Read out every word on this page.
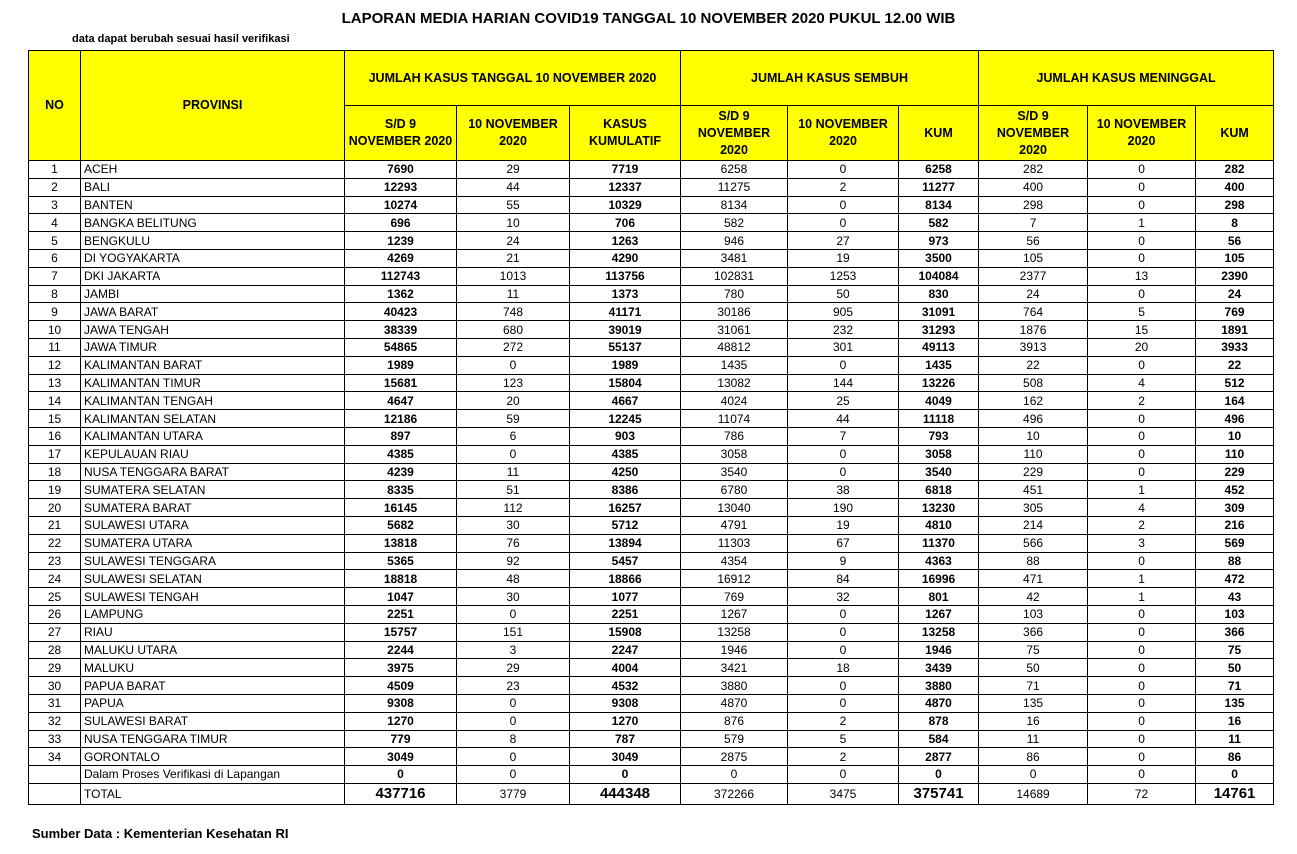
LAPORAN MEDIA HARIAN COVID19 TANGGAL 10 NOVEMBER 2020 PUKUL 12.00 WIB
data dapat berubah sesuai hasil verifikasi
NO	PROVINSI	JUMLAH KASUS TANGGAL 10 NOVEMBER 2020			JUMLAH KASUS SEMBUH			JUMLAH KASUS MENINGGAL		
		S/D 9 NOVEMBER 2020	10 NOVEMBER 2020	KASUS KUMULATIF	S/D 9 NOVEMBER 2020	10 NOVEMBER 2020	KUM	S/D 9 NOVEMBER 2020	10 NOVEMBER 2020	KUM
1	ACEH	7690	29	7719	6258	0	6258	282	0	282
2	BALI	12293	44	12337	11275	2	11277	400	0	400
3	BANTEN	10274	55	10329	8134	0	8134	298	0	298
4	BANGKA BELITUNG	696	10	706	582	0	582	7	1	8
5	BENGKULU	1239	24	1263	946	27	973	56	0	56
6	DI YOGYAKARTA	4269	21	4290	3481	19	3500	105	0	105
7	DKI JAKARTA	112743	1013	113756	102831	1253	104084	2377	13	2390
8	JAMBI	1362	11	1373	780	50	830	24	0	24
9	JAWA BARAT	40423	748	41171	30186	905	31091	764	5	769
10	JAWA TENGAH	38339	680	39019	31061	232	31293	1876	15	1891
11	JAWA TIMUR	54865	272	55137	48812	301	49113	3913	20	3933
12	KALIMANTAN BARAT	1989	0	1989	1435	0	1435	22	0	22
13	KALIMANTAN TIMUR	15681	123	15804	13082	144	13226	508	4	512
14	KALIMANTAN TENGAH	4647	20	4667	4024	25	4049	162	2	164
15	KALIMANTAN SELATAN	12186	59	12245	11074	44	11118	496	0	496
16	KALIMANTAN UTARA	897	6	903	786	7	793	10	0	10
17	KEPULAUAN RIAU	4385	0	4385	3058	0	3058	110	0	110
18	NUSA TENGGARA BARAT	4239	11	4250	3540	0	3540	229	0	229
19	SUMATERA SELATAN	8335	51	8386	6780	38	6818	451	1	452
20	SUMATERA BARAT	16145	112	16257	13040	190	13230	305	4	309
21	SULAWESI UTARA	5682	30	5712	4791	19	4810	214	2	216
22	SUMATERA UTARA	13818	76	13894	11303	67	11370	566	3	569
23	SULAWESI TENGGARA	5365	92	5457	4354	9	4363	88	0	88
24	SULAWESI SELATAN	18818	48	18866	16912	84	16996	471	1	472
25	SULAWESI TENGAH	1047	30	1077	769	32	801	42	1	43
26	LAMPUNG	2251	0	2251	1267	0	1267	103	0	103
27	RIAU	15757	151	15908	13258	0	13258	366	0	366
28	MALUKU UTARA	2244	3	2247	1946	0	1946	75	0	75
29	MALUKU	3975	29	4004	3421	18	3439	50	0	50
30	PAPUA BARAT	4509	23	4532	3880	0	3880	71	0	71
31	PAPUA	9308	0	9308	4870	0	4870	135	0	135
32	SULAWESI BARAT	1270	0	1270	876	2	878	16	0	16
33	NUSA TENGGARA TIMUR	779	8	787	579	5	584	11	0	11
34	GORONTALO	3049	0	3049	2875	2	2877	86	0	86
	Dalam Proses Verifikasi di Lapangan	0	0	0	0	0	0	0	0	0
	TOTAL	437716	3779	444348	372266	3475	375741	14689	72	14761
Sumber Data : Kementerian Kesehatan RI
